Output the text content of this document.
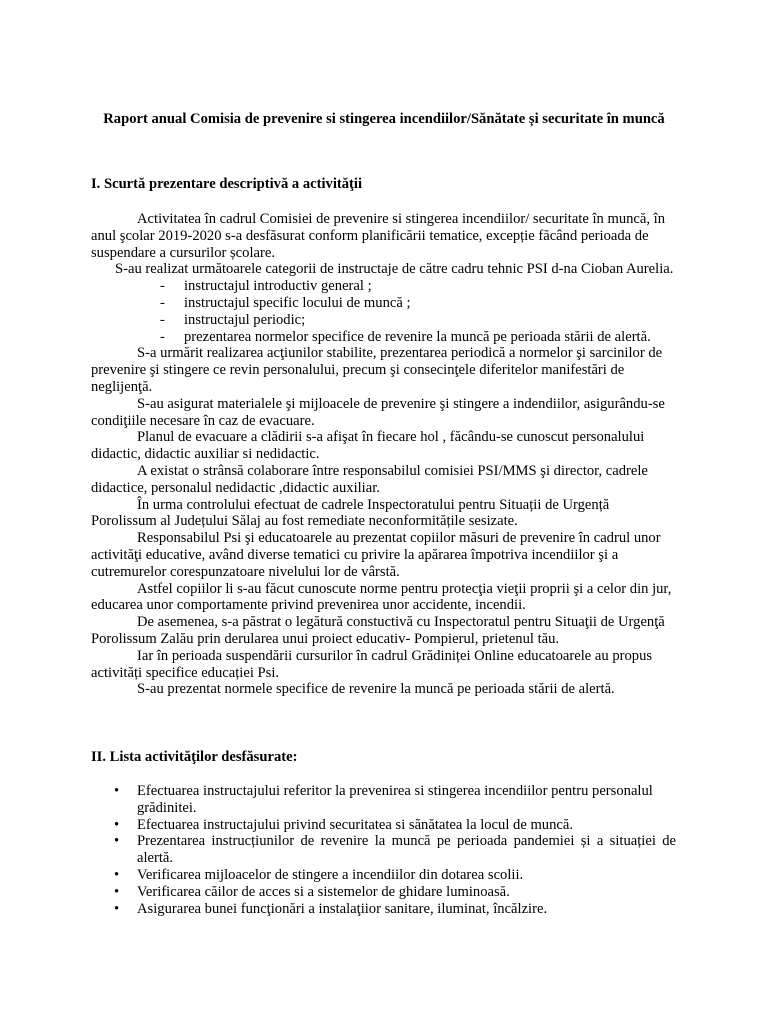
Raport anual Comisia de prevenire si stingerea incendiilor/Sănătate și securitate în muncă
I. Scurtă prezentare descriptivă a activităţii

Activitatea în cadrul Comisiei de prevenire si stingerea incendiilor/ securitate în muncă, în anul şcolar 2019-2020 s-a desfăsurat conform planificării tematice, excepție făcând perioada de suspendare a cursurilor școlare.

S-au realizat următoarele categorii de instructaje de către cadru tehnic PSI d-na Cioban Aurelia.

- instructajul introductiv general ;
- instructajul specific locului de muncă ;
- instructajul periodic;
- prezentarea normelor specifice de revenire la muncă pe perioada stării de alertă.

S-a urmărit realizarea acţiunilor stabilite, prezentarea periodică a normelor şi sarcinilor de prevenire şi stingere ce revin personalului, precum şi consecinţele diferitelor manifestări de neglijenţă.

S-au asigurat materialele şi mijloacele de prevenire şi stingere a indendiilor, asigurându-se condiţiile necesare în caz de evacuare.

Planul de evacuare a clădirii s-a afişat în fiecare hol , făcându-se cunoscut personalului didactic, didactic auxiliar si nedidactic.

A existat o strânsă colaborare între responsabilul comisiei PSI/MMS şi director, cadrele didactice, personalul nedidactic ,didactic auxiliar.

În urma controlului efectuat de cadrele Inspectoratului pentru Situații de Urgență Porolissum al Județului Sălaj au fost remediate neconformitățile sesizate.

Responsabilul Psi şi educatoarele au prezentat copiilor măsuri de prevenire în cadrul unor activităţi educative, având diverse tematici cu privire la apărarea împotriva incendiilor şi a cutremurelor corespunzatoare nivelului lor de vârstă.

Astfel copiilor li s-au făcut cunoscute norme pentru protecţia vieţii proprii şi a celor din jur, educarea unor comportamente privind prevenirea unor accidente, incendii.

De asemenea, s-a păstrat o legătură constuctivă cu Inspectoratul pentru Situaţii de Urgenţă Porolissum Zalău prin derularea unui proiect educativ- Pompierul, prietenul tău.

Iar în perioada suspendării cursurilor în cadrul Grădiniței Online educatoarele au propus activități specifice educației Psi.

S-au prezentat normele specifice de revenire la muncă pe perioada stării de alertă.

II. Lista activităţilor desfăsurate:
• Efectuarea instructajului referitor la prevenirea si stingerea incendiilor pentru personalul grădinitei.
• Efectuarea instructajului privind securitatea si sănătatea la locul de muncă.
• Prezentarea instrucțiunilor de revenire la muncă pe perioada pandemiei și a situației de alertă.
• Verificarea mijloacelor de stingere a incendiilor din dotarea scolii.
• Verificarea căilor de acces si a sistemelor de ghidare luminoasă.
• Asigurarea bunei funcţionări a instalaţiior sanitare, iluminat, încălzire.
